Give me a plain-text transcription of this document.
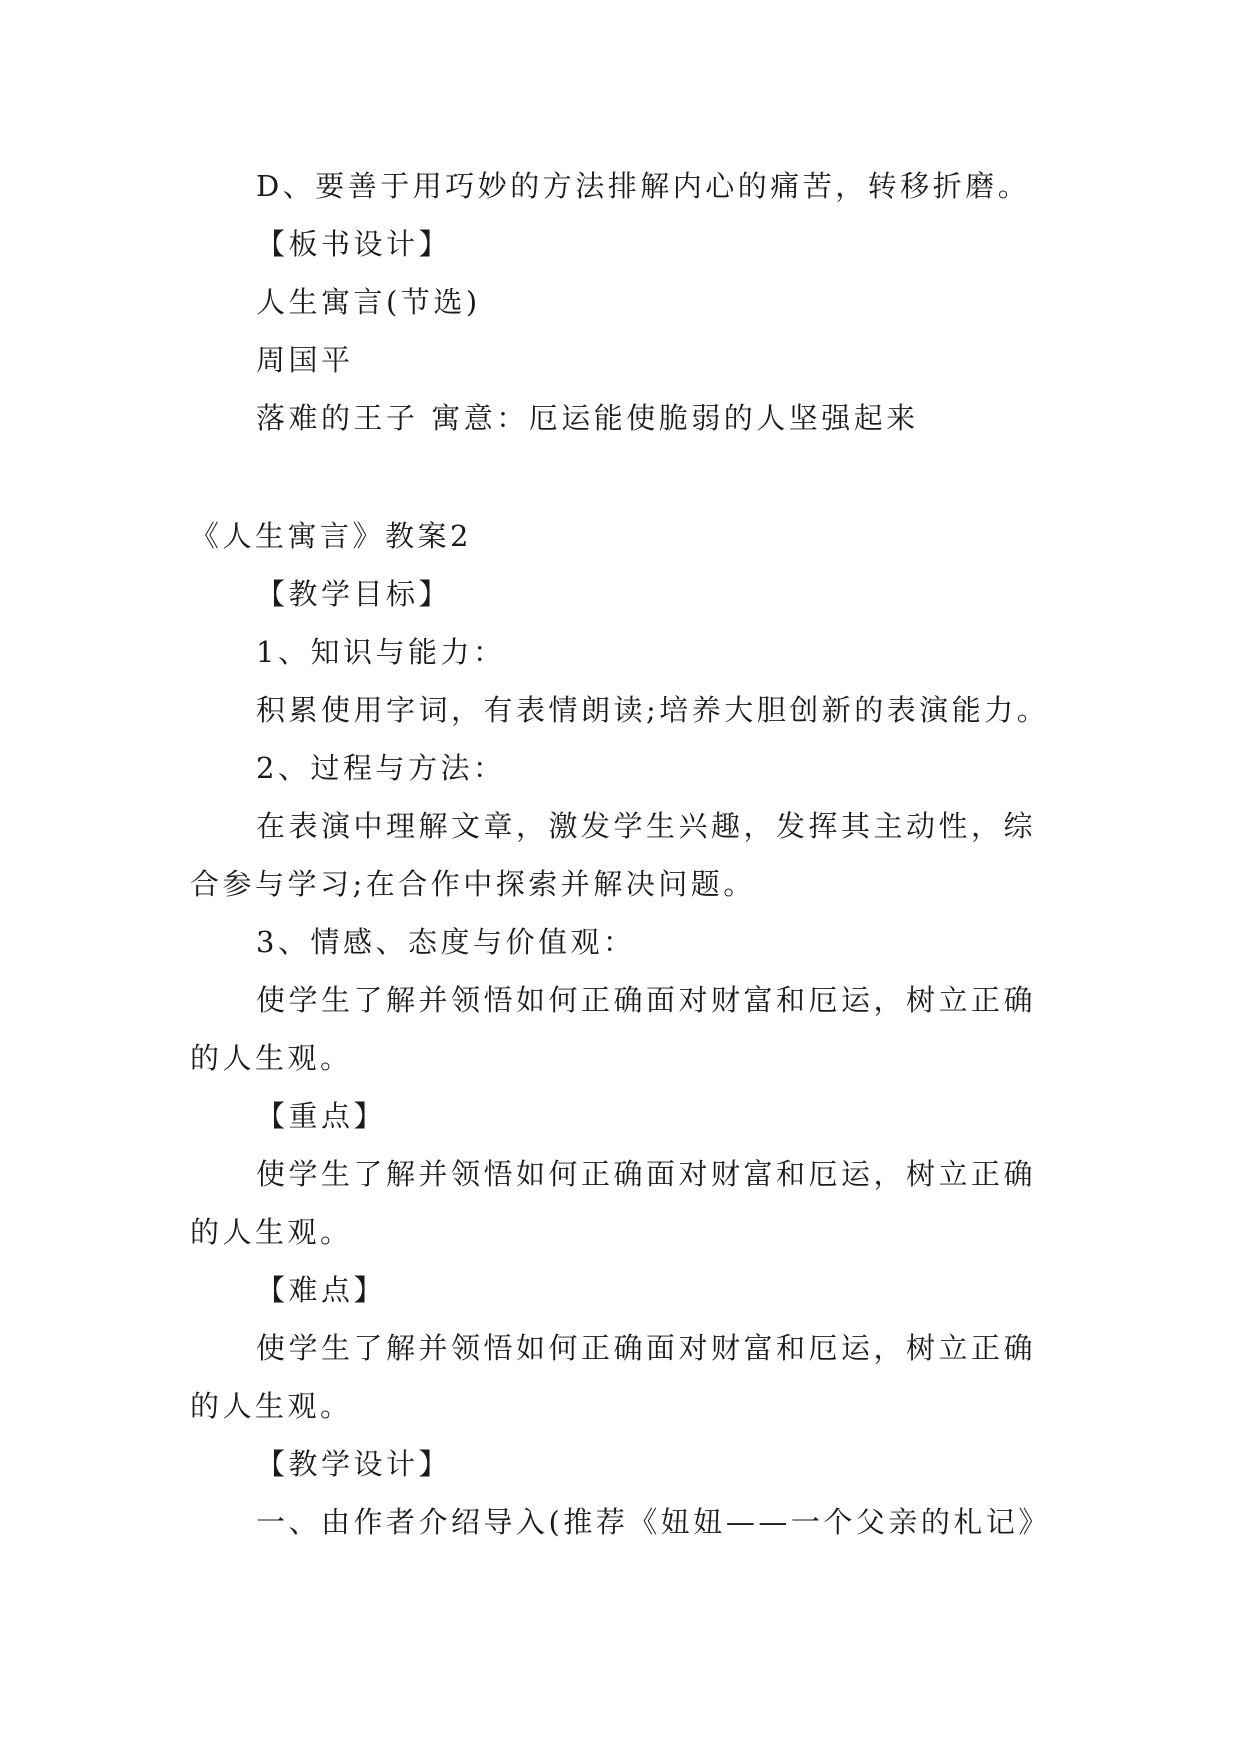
D、要善于用巧妙的方法排解内心的痛苦，转移折磨。
【板书设计】
人生寓言(节选)
周国平
落难的王子 寓意：厄运能使脆弱的人坚强起来
《人生寓言》教案2
【教学目标】
1、知识与能力：
积累使用字词，有表情朗读;培养大胆创新的表演能力。
2、过程与方法：
在表演中理解文章，激发学生兴趣，发挥其主动性，综
合参与学习;在合作中探索并解决问题。
3、情感、态度与价值观：
使学生了解并领悟如何正确面对财富和厄运，树立正确
的人生观。
【重点】
使学生了解并领悟如何正确面对财富和厄运，树立正确
的人生观。
【难点】
使学生了解并领悟如何正确面对财富和厄运，树立正确
的人生观。
【教学设计】
一、由作者介绍导入(推荐《妞妞——一个父亲的札记》
